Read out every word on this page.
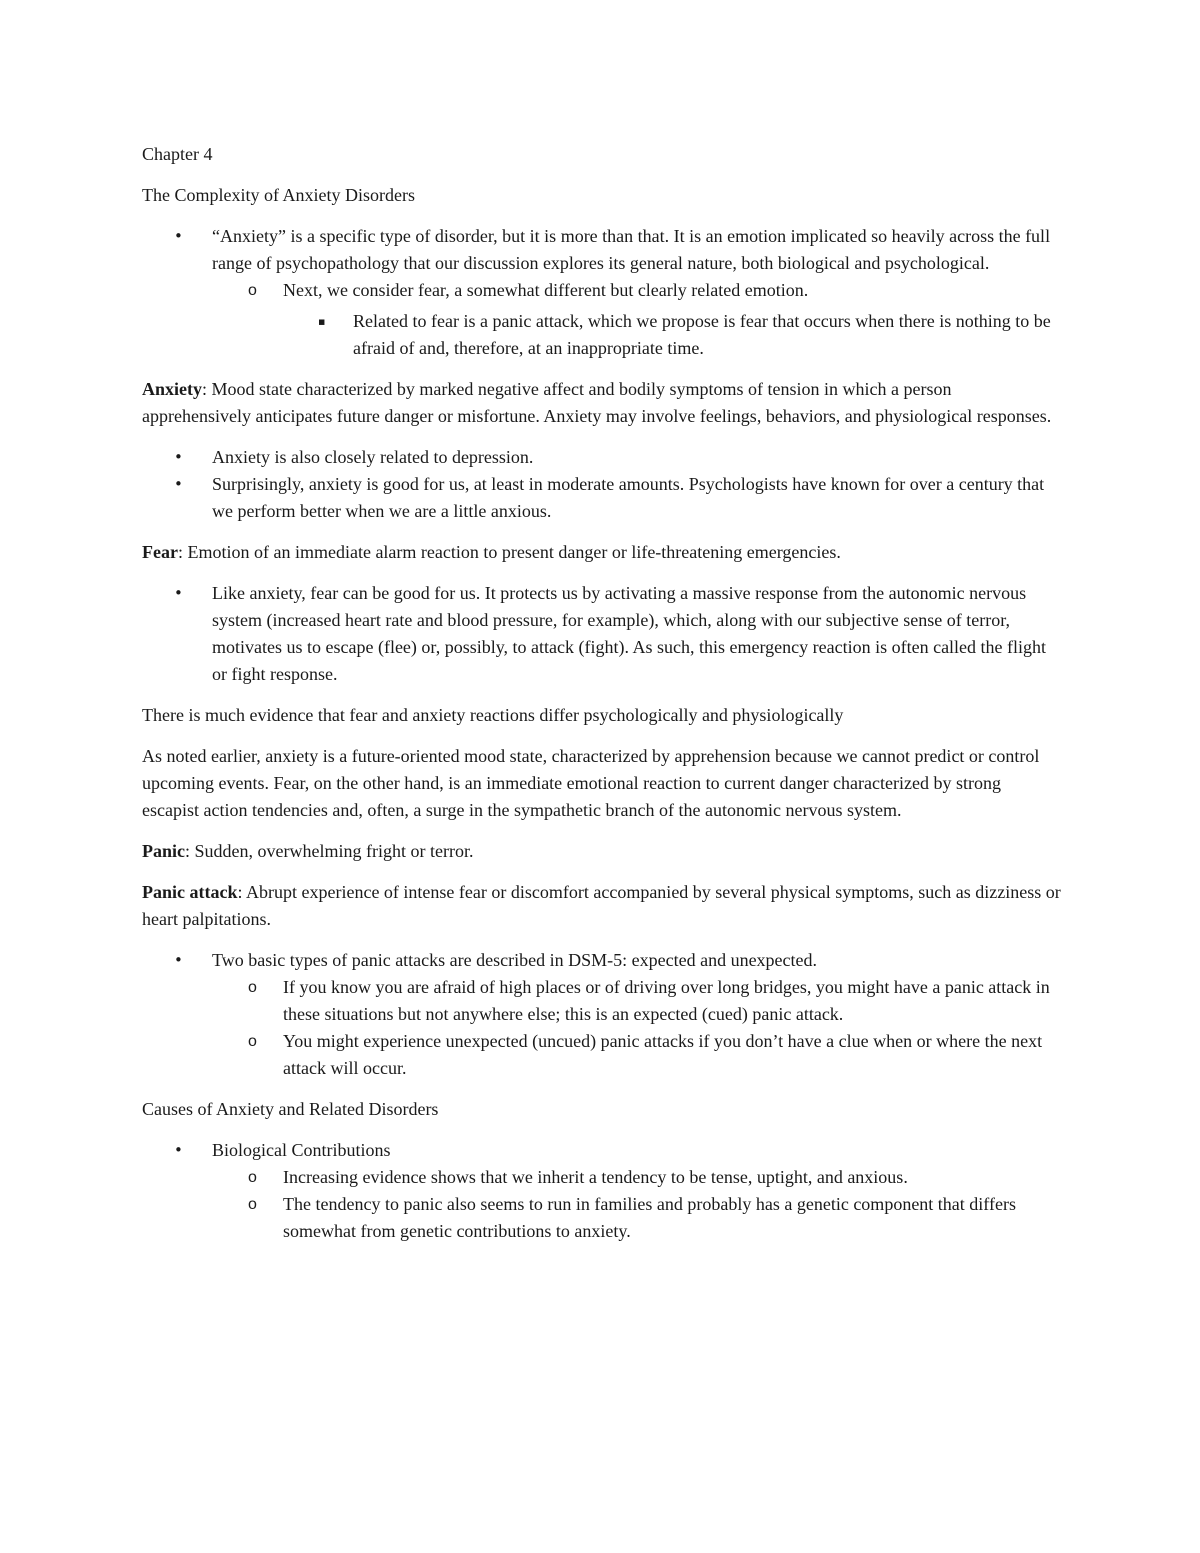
Chapter 4

The Complexity of Anxiety Disorders

• “Anxiety” is a specific type of disorder, but it is more than that. It is an emotion implicated so heavily across the full range of psychopathology that our discussion explores its general nature, both biological and psychological.
o Next, we consider fear, a somewhat different but clearly related emotion.
▪ Related to fear is a panic attack, which we propose is fear that occurs when there is nothing to be afraid of and, therefore, at an inappropriate time.

Anxiety: Mood state characterized by marked negative affect and bodily symptoms of tension in which a person apprehensively anticipates future danger or misfortune. Anxiety may involve feelings, behaviors, and physiological responses.

• Anxiety is also closely related to depression.
• Surprisingly, anxiety is good for us, at least in moderate amounts. Psychologists have known for over a century that we perform better when we are a little anxious.

Fear: Emotion of an immediate alarm reaction to present danger or life-threatening emergencies.

• Like anxiety, fear can be good for us. It protects us by activating a massive response from the autonomic nervous system (increased heart rate and blood pressure, for example), which, along with our subjective sense of terror, motivates us to escape (flee) or, possibly, to attack (fight). As such, this emergency reaction is often called the flight or fight response.

There is much evidence that fear and anxiety reactions differ psychologically and physiologically

As noted earlier, anxiety is a future-oriented mood state, characterized by apprehension because we cannot predict or control upcoming events. Fear, on the other hand, is an immediate emotional reaction to current danger characterized by strong escapist action tendencies and, often, a surge in the sympathetic branch of the autonomic nervous system.

Panic: Sudden, overwhelming fright or terror.

Panic attack: Abrupt experience of intense fear or discomfort accompanied by several physical symptoms, such as dizziness or heart palpitations.

• Two basic types of panic attacks are described in DSM-5: expected and unexpected.
o If you know you are afraid of high places or of driving over long bridges, you might have a panic attack in these situations but not anywhere else; this is an expected (cued) panic attack.
o You might experience unexpected (uncued) panic attacks if you don’t have a clue when or where the next attack will occur.

Causes of Anxiety and Related Disorders

• Biological Contributions
o Increasing evidence shows that we inherit a tendency to be tense, uptight, and anxious.
o The tendency to panic also seems to run in families and probably has a genetic component that differs somewhat from genetic contributions to anxiety.
